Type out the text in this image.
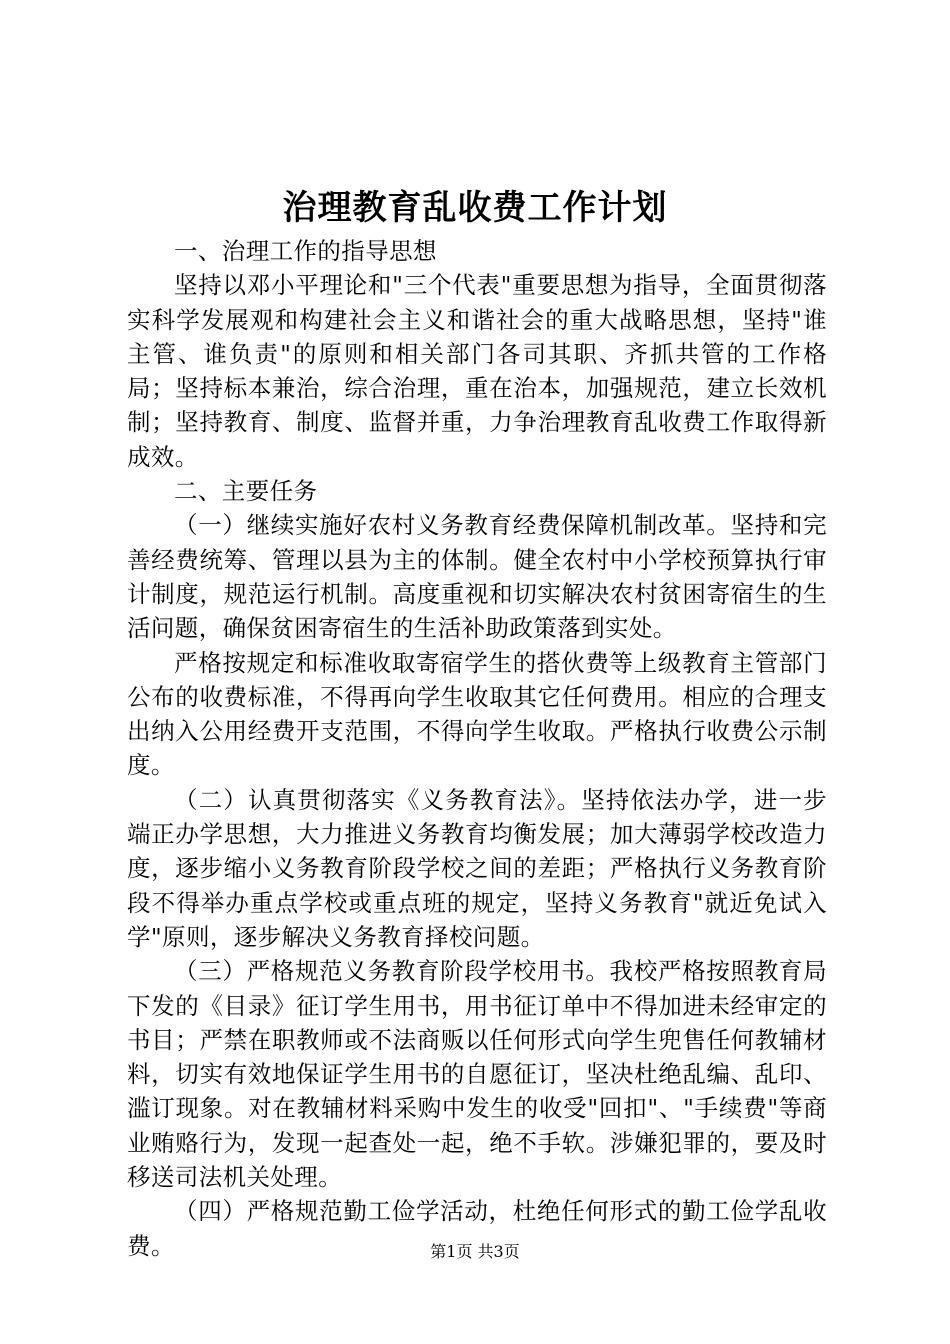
治理教育乱收费工作计划

一、治理工作的指导思想

坚持以邓小平理论和"三个代表"重要思想为指导，全面贯彻落实科学发展观和构建社会主义和谐社会的重大战略思想，坚持"谁主管、谁负责"的原则和相关部门各司其职、齐抓共管的工作格局；坚持标本兼治，综合治理，重在治本，加强规范，建立长效机制；坚持教育、制度、监督并重，力争治理教育乱收费工作取得新成效。

二、主要任务

（一）继续实施好农村义务教育经费保障机制改革。坚持和完善经费统筹、管理以县为主的体制。健全农村中小学校预算执行审计制度，规范运行机制。高度重视和切实解决农村贫困寄宿生的生活问题，确保贫困寄宿生的生活补助政策落到实处。

严格按规定和标准收取寄宿学生的搭伙费等上级教育主管部门公布的收费标准，不得再向学生收取其它任何费用。相应的合理支出纳入公用经费开支范围，不得向学生收取。严格执行收费公示制度。

（二）认真贯彻落实《义务教育法》。坚持依法办学，进一步端正办学思想，大力推进义务教育均衡发展；加大薄弱学校改造力度，逐步缩小义务教育阶段学校之间的差距；严格执行义务教育阶段不得举办重点学校或重点班的规定，坚持义务教育"就近免试入学"原则，逐步解决义务教育择校问题。

（三）严格规范义务教育阶段学校用书。我校严格按照教育局下发的《目录》征订学生用书，用书征订单中不得加进未经审定的书目；严禁在职教师或不法商贩以任何形式向学生兜售任何教辅材料，切实有效地保证学生用书的自愿征订，坚决杜绝乱编、乱印、滥订现象。对在教辅材料采购中发生的收受"回扣"、"手续费"等商业贿赂行为，发现一起查处一起，绝不手软。涉嫌犯罪的，要及时移送司法机关处理。

（四）严格规范勤工俭学活动，杜绝任何形式的勤工俭学乱收费。	第1页 共3页
